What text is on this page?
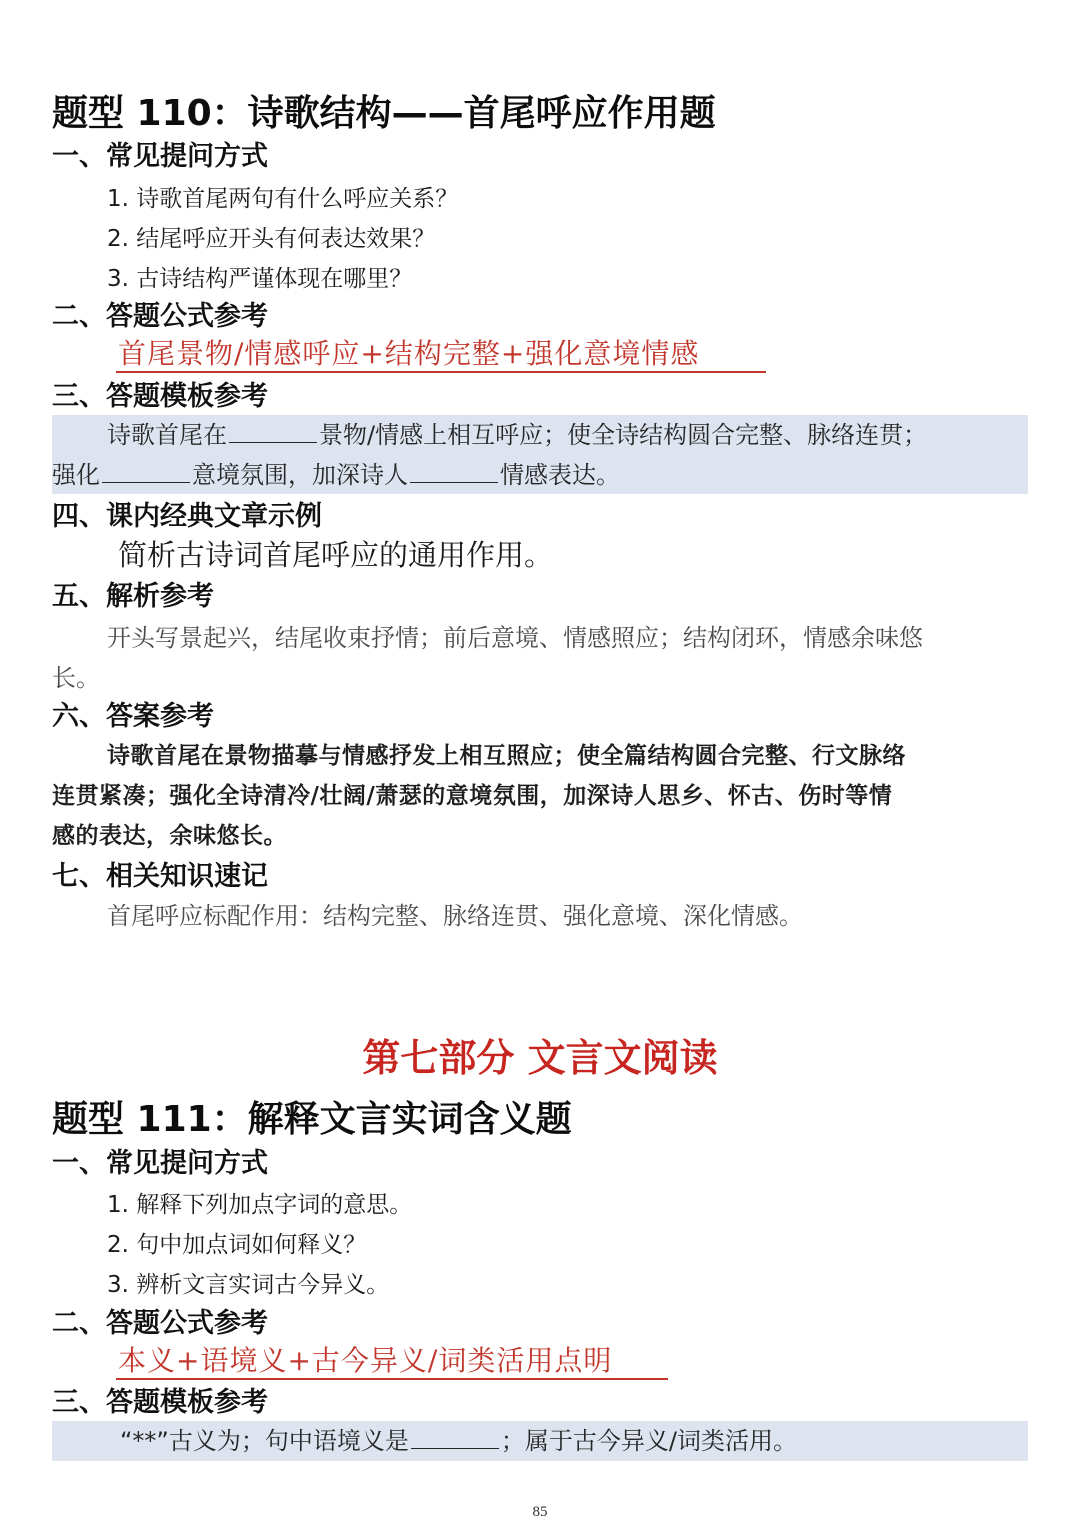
题型 110：诗歌结构——首尾呼应作用题
一、常见提问方式
1. 诗歌首尾两句有什么呼应关系？
2. 结尾呼应开头有何表达效果？
3. 古诗结构严谨体现在哪里？
二、答题公式参考
首尾景物/情感呼应+结构完整+强化意境情感
三、答题模板参考
诗歌首尾在	景物/情感上相互呼应；使全诗结构圆合完整、脉络连贯；
强化	意境氛围，加深诗人	情感表达。
四、课内经典文章示例
简析古诗词首尾呼应的通用作用。
五、解析参考
开头写景起兴，结尾收束抒情；前后意境、情感照应；结构闭环，情感余味悠
长。
六、答案参考
诗歌首尾在景物描摹与情感抒发上相互照应；使全篇结构圆合完整、行文脉络
连贯紧凑；强化全诗清冷/壮阔/萧瑟的意境氛围，加深诗人思乡、怀古、伤时等情
感的表达，余味悠长。
七、相关知识速记
首尾呼应标配作用：结构完整、脉络连贯、强化意境、深化情感。
第七部分 文言文阅读
题型 111：解释文言实词含义题
一、常见提问方式
1. 解释下列加点字词的意思。
2. 句中加点词如何释义？
3. 辨析文言实词古今异义。
二、答题公式参考
本义+语境义+古今异义/词类活用点明
三、答题模板参考
“**”古义为；句中语境义是	；属于古今异义/词类活用。
85
